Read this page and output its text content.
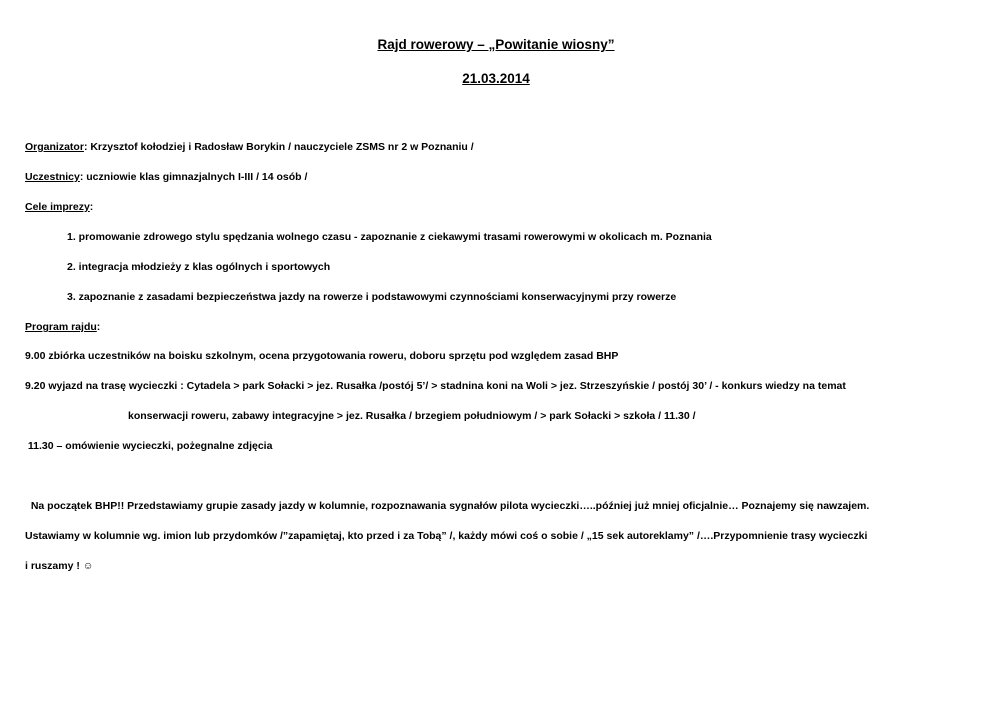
Rajd rowerowy – „Powitanie wiosny”
21.03.2014
Organizator: Krzysztof kołodziej i Radosław Borykin / nauczyciele ZSMS nr 2 w Poznaniu /
Uczestnicy: uczniowie klas gimnazjalnych I-III / 14 osób /
Cele imprezy:
1. promowanie zdrowego stylu spędzania wolnego czasu - zapoznanie z ciekawymi trasami rowerowymi w okolicach m. Poznania
2. integracja młodzieży z klas ogólnych i sportowych
3. zapoznanie z zasadami bezpieczeństwa jazdy na rowerze i podstawowymi czynnościami konserwacyjnymi przy rowerze
Program rajdu:
9.00 zbiórka uczestników na boisku szkolnym, ocena przygotowania roweru, doboru sprzętu pod względem zasad BHP
9.20 wyjazd na trasę wycieczki : Cytadela > park Sołacki > jez. Rusałka /postój 5’/ > stadnina koni na Woli > jez. Strzeszyńskie / postój 30’ / - konkurs wiedzy na temat
konserwacji roweru, zabawy integracyjne > jez. Rusałka / brzegiem południowym / > park Sołacki > szkoła / 11.30 /
11.30 – omówienie wycieczki, pożegnalne zdjęcia
Na początek BHP!! Przedstawiamy grupie zasady jazdy w kolumnie, rozpoznawania sygnałów pilota wycieczki…..później już mniej oficjalnie… Poznajemy się nawzajem.
Ustawiamy w kolumnie wg. imion lub przydomków /”zapamiętaj, kto przed i za Tobą” /, każdy mówi coś o sobie / „15 sek autoreklamy” /….Przypomnienie trasy wycieczki
i ruszamy ! ☺
